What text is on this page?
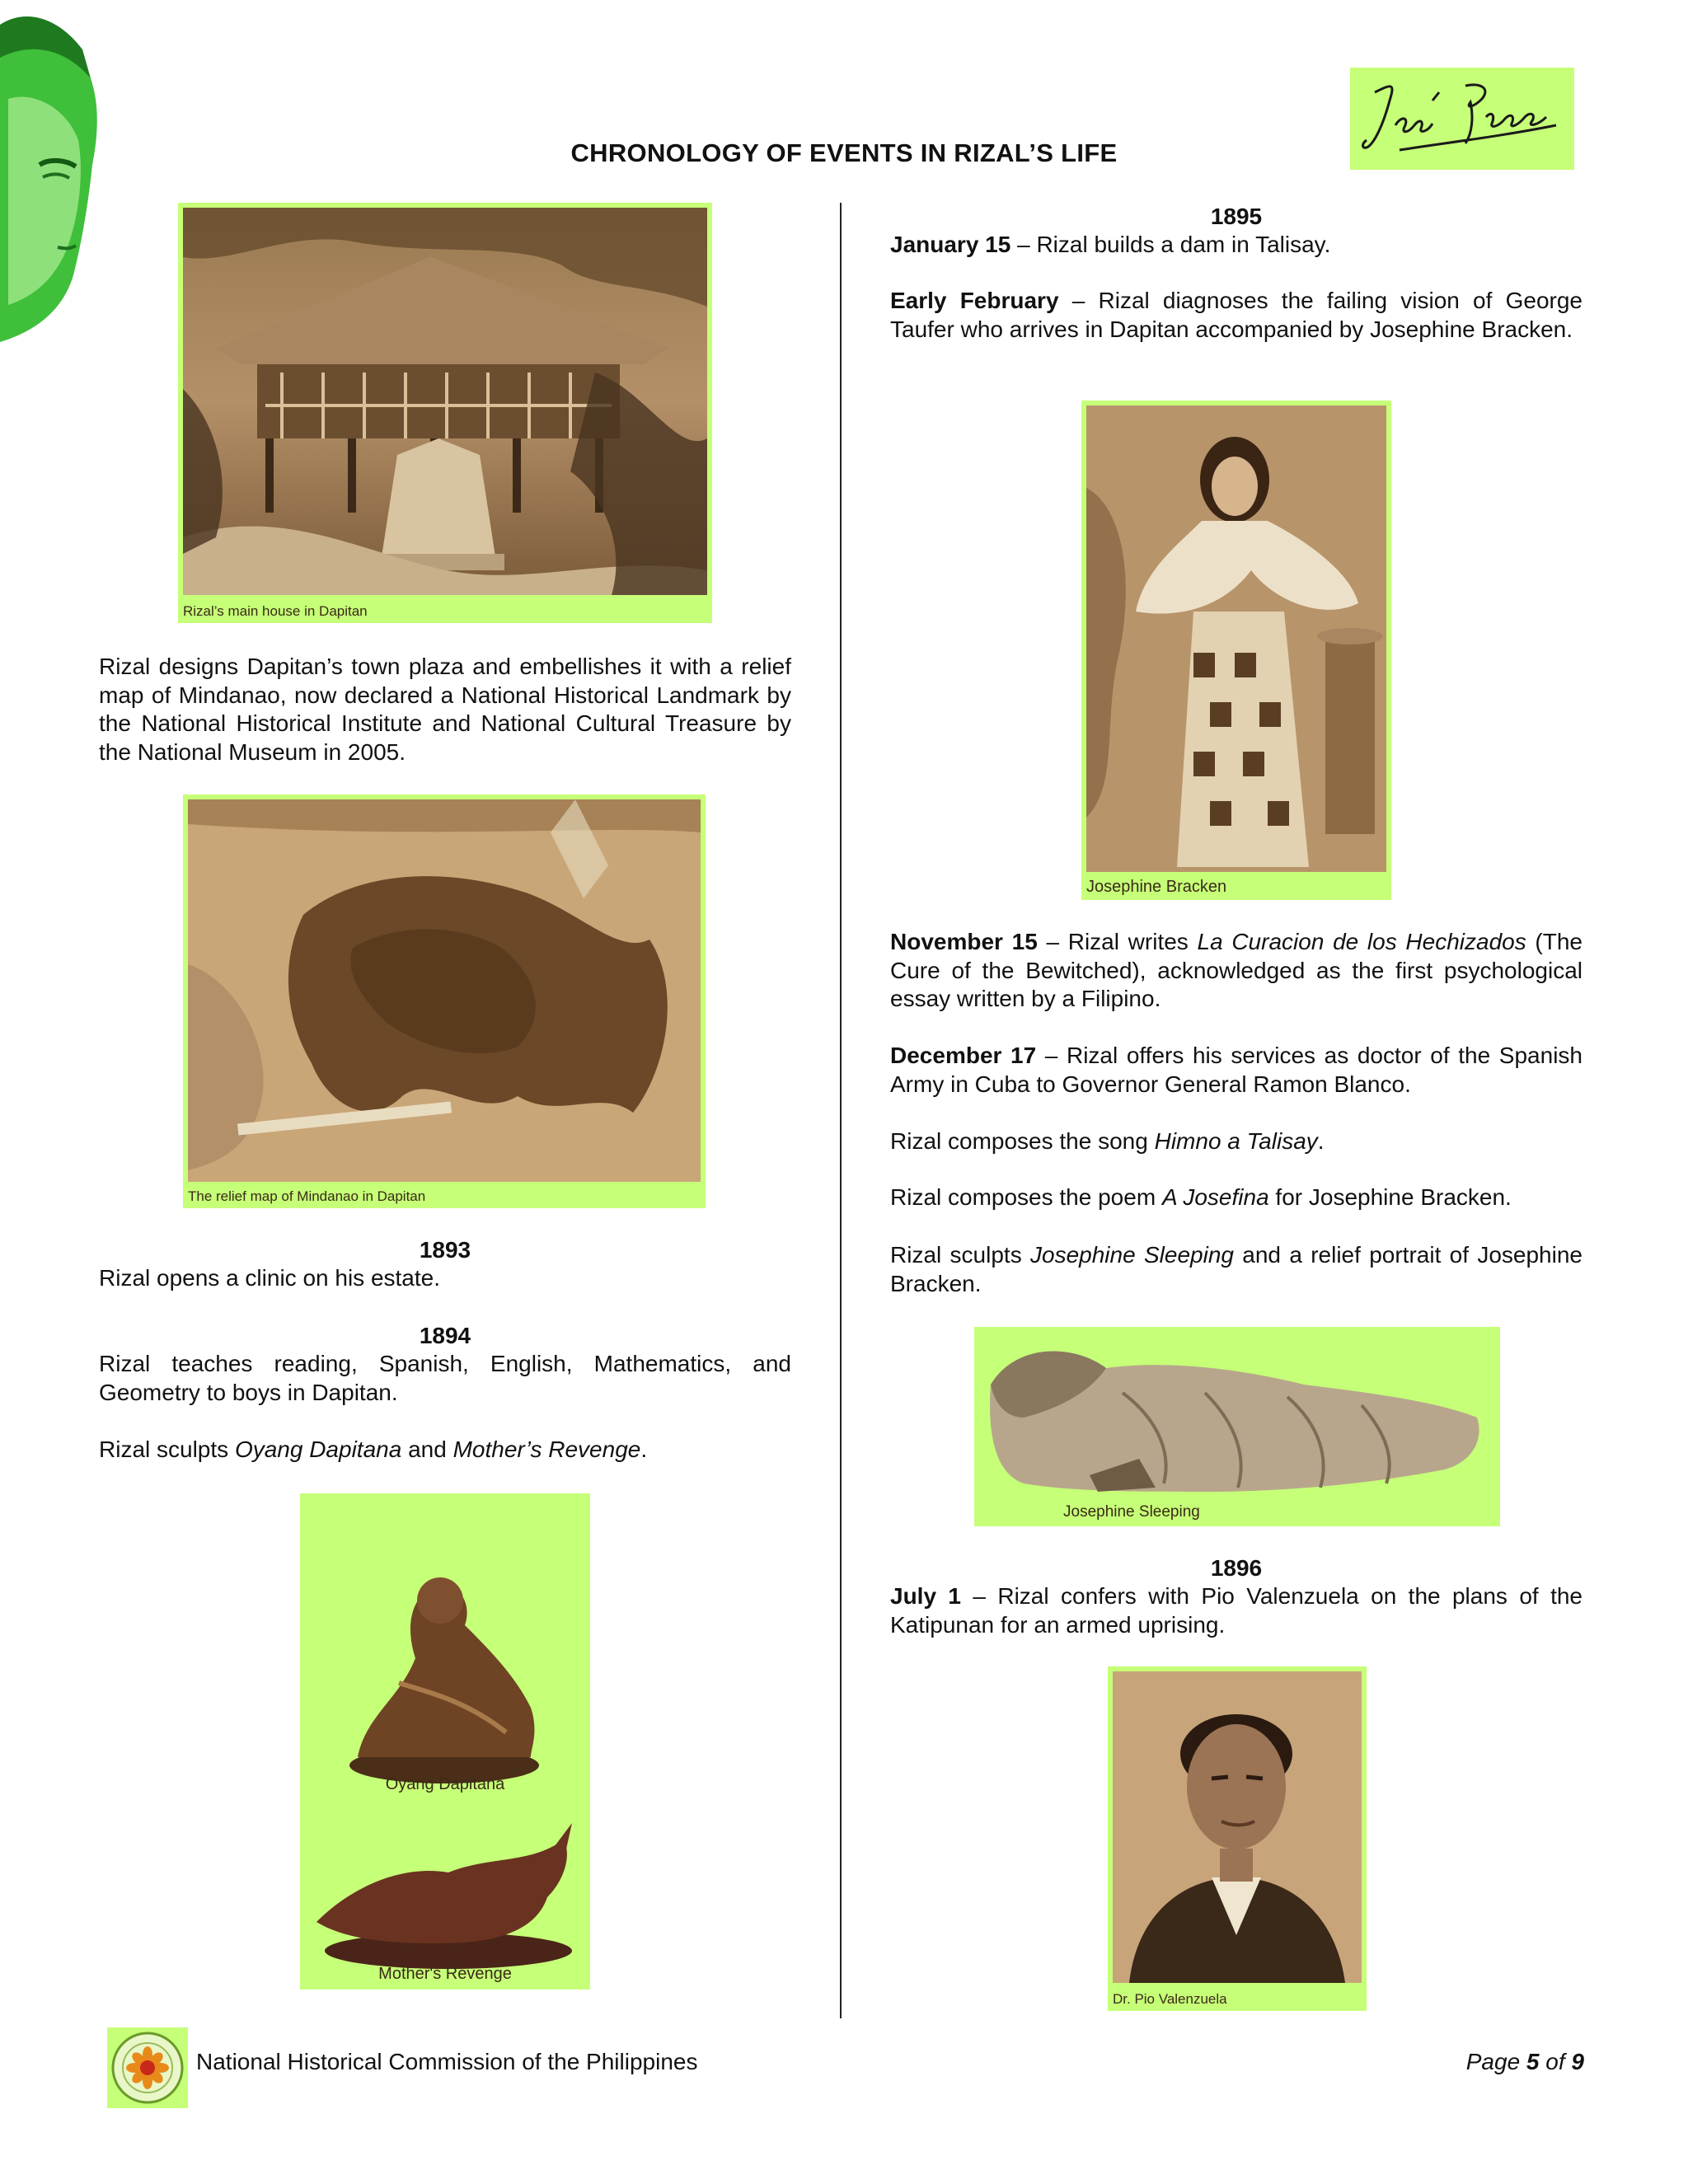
CHRONOLOGY OF EVENTS IN RIZAL’S LIFE
Rizal’s main house in Dapitan

Rizal designs Dapitan’s town plaza and embellishes it with a relief map of Mindanao, now declared a National Historical Landmark by the National Historical Institute and National Cultural Treasure by the National Museum in 2005.

The relief map of Mindanao in Dapitan
1893

Rizal opens a clinic on his estate.

1894

Rizal teaches reading, Spanish, English, Mathematics, and Geometry to boys in Dapitan.

Rizal sculpts Oyang Dapitana and Mother’s Revenge.

Oyang Dapitana
Mother's Revenge
1895

January 15 – Rizal builds a dam in Talisay.

Early February – Rizal diagnoses the failing vision of George Taufer who arrives in Dapitan accompanied by Josephine Bracken.

Josephine Bracken

November 15 – Rizal writes La Curacion de los Hechizados (The Cure of the Bewitched), acknowledged as the first psychological essay written by a Filipino.

December 17 – Rizal offers his services as doctor of the Spanish Army in Cuba to Governor General Ramon Blanco.

Rizal composes the song Himno a Talisay.

Rizal composes the poem A Josefina for Josephine Bracken.

Rizal sculpts Josephine Sleeping and a relief portrait of Josephine Bracken.

Josephine Sleeping
1896

July 1 – Rizal confers with Pio Valenzuela on the plans of the Katipunan for an armed uprising.

Dr. Pio Valenzuela
National Historical Commission of the Philippines	Page 5 of 9
